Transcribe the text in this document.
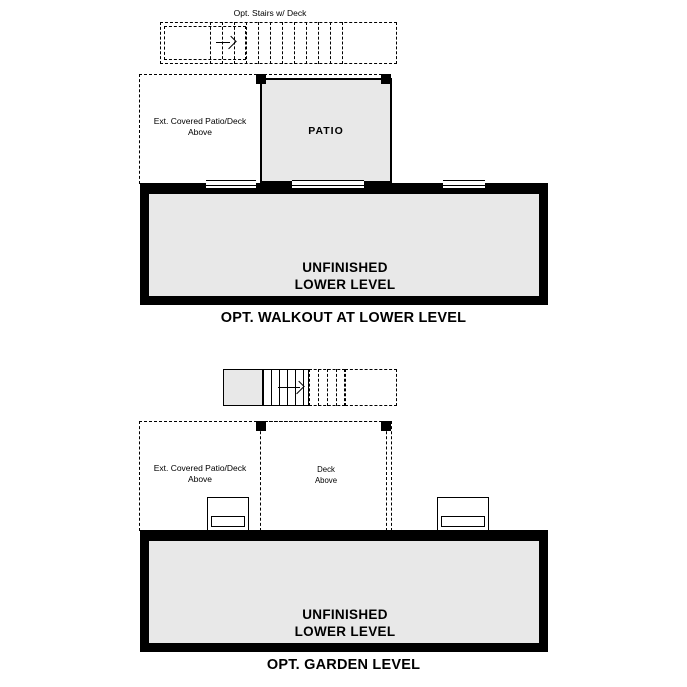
Opt. Stairs w/ Deck
Ext. Covered Patio/Deck
Above	PATIO
UNFINISHED
LOWER LEVEL
OPT. WALKOUT AT LOWER LEVEL
Ext. Covered Patio/Deck
Above
Deck
Above
UNFINISHED
LOWER LEVEL
OPT. GARDEN LEVEL
